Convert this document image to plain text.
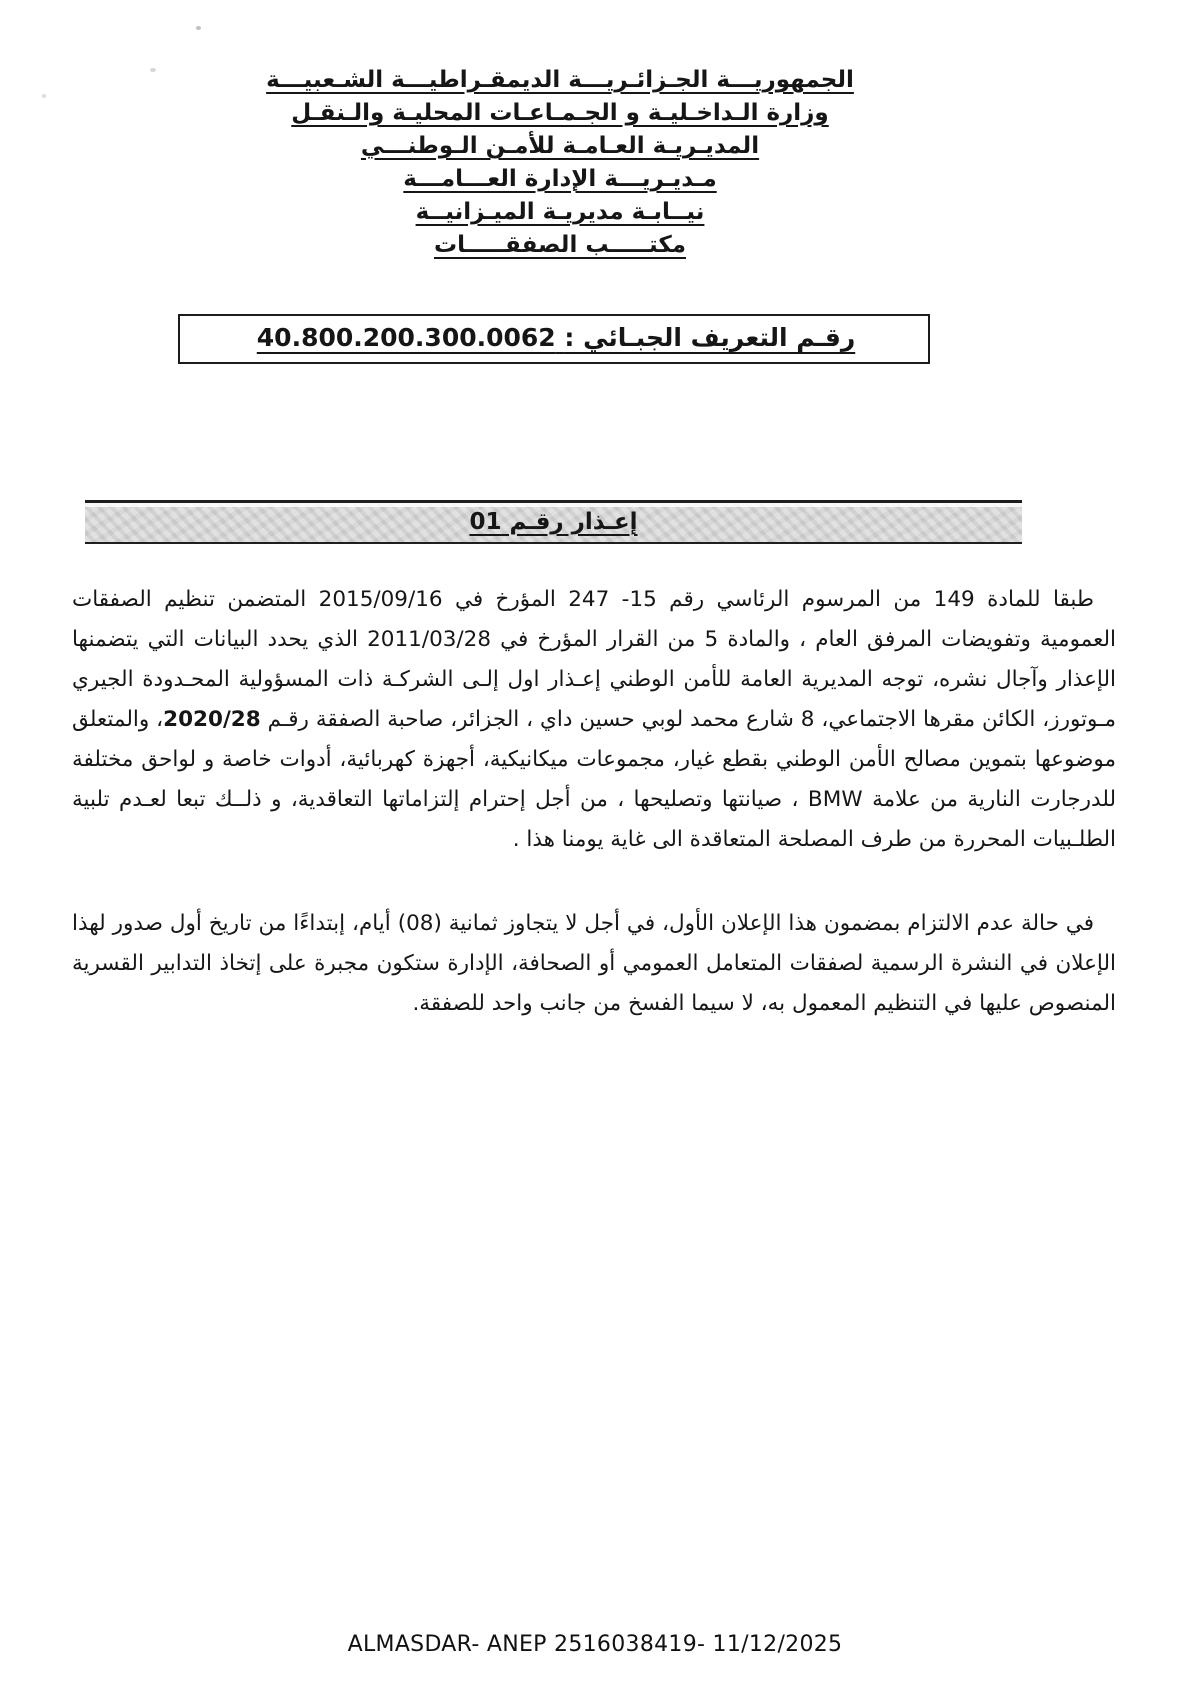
الجمهوريـــة الجـزائـريـــة الديمقـراطيـــة الشـعبيـــة
وزارة الـداخـليـة و الجـمـاعـات المحليـة والـنقـل
المديـريـة العـامـة للأمـن الـوطنـــي
مـديـريـــة الإدارة العـــامـــة
نيــابـة مديريـة الميـزانيــة
مكتـــــب الصفقـــــات
رقـم التعريف الجبـائي : 40.800.200.300.0062
إعـذار رقـم 01

طبقا للمادة 149 من المرسوم الرئاسي رقم 15- 247 المؤرخ في 2015/09/16 المتضمن تنظيم الصفقات العمومية وتفويضات المرفق العام ، والمادة 5 من القرار المؤرخ في 2011/03/28 الذي يحدد البيانات التي يتضمنها الإعذار وآجال نشره، توجه المديرية العامة للأمن الوطني إعـذار اول إلـى الشركـة ذات المسؤولية المحـدودة الجيري مـوتورز، الكائن مقرها الاجتماعي، 8 شارع محمد لوبي حسين داي ، الجزائر، صاحبة الصفقة رقـم 2020/28، والمتعلق موضوعها بتموين مصالح الأمن الوطني بقطع غيار، مجموعات ميكانيكية، أجهزة كهربائية، أدوات خاصة و لواحق مختلفة للدرجارت النارية من علامة BMW ، صيانتها وتصليحها ، من أجل إحترام إلتزاماتها التعاقدية، و ذلــك تبعا لعـدم تلبية الطلـبيات المحررة من طرف المصلحة المتعاقدة الى غاية يومنا هذا .

في حالة عدم الالتزام بمضمون هذا الإعلان الأول، في أجل لا يتجاوز ثمانية (08) أيام، إبتداءًا من تاريخ أول صدور لهذا الإعلان في النشرة الرسمية لصفقات المتعامل العمومي أو الصحافة، الإدارة ستكون مجبرة على إتخاذ التدابير القسرية المنصوص عليها في التنظيم المعمول به، لا سيما الفسخ من جانب واحد للصفقة.

ALMASDAR- ANEP 2516038419- 11/12/2025
